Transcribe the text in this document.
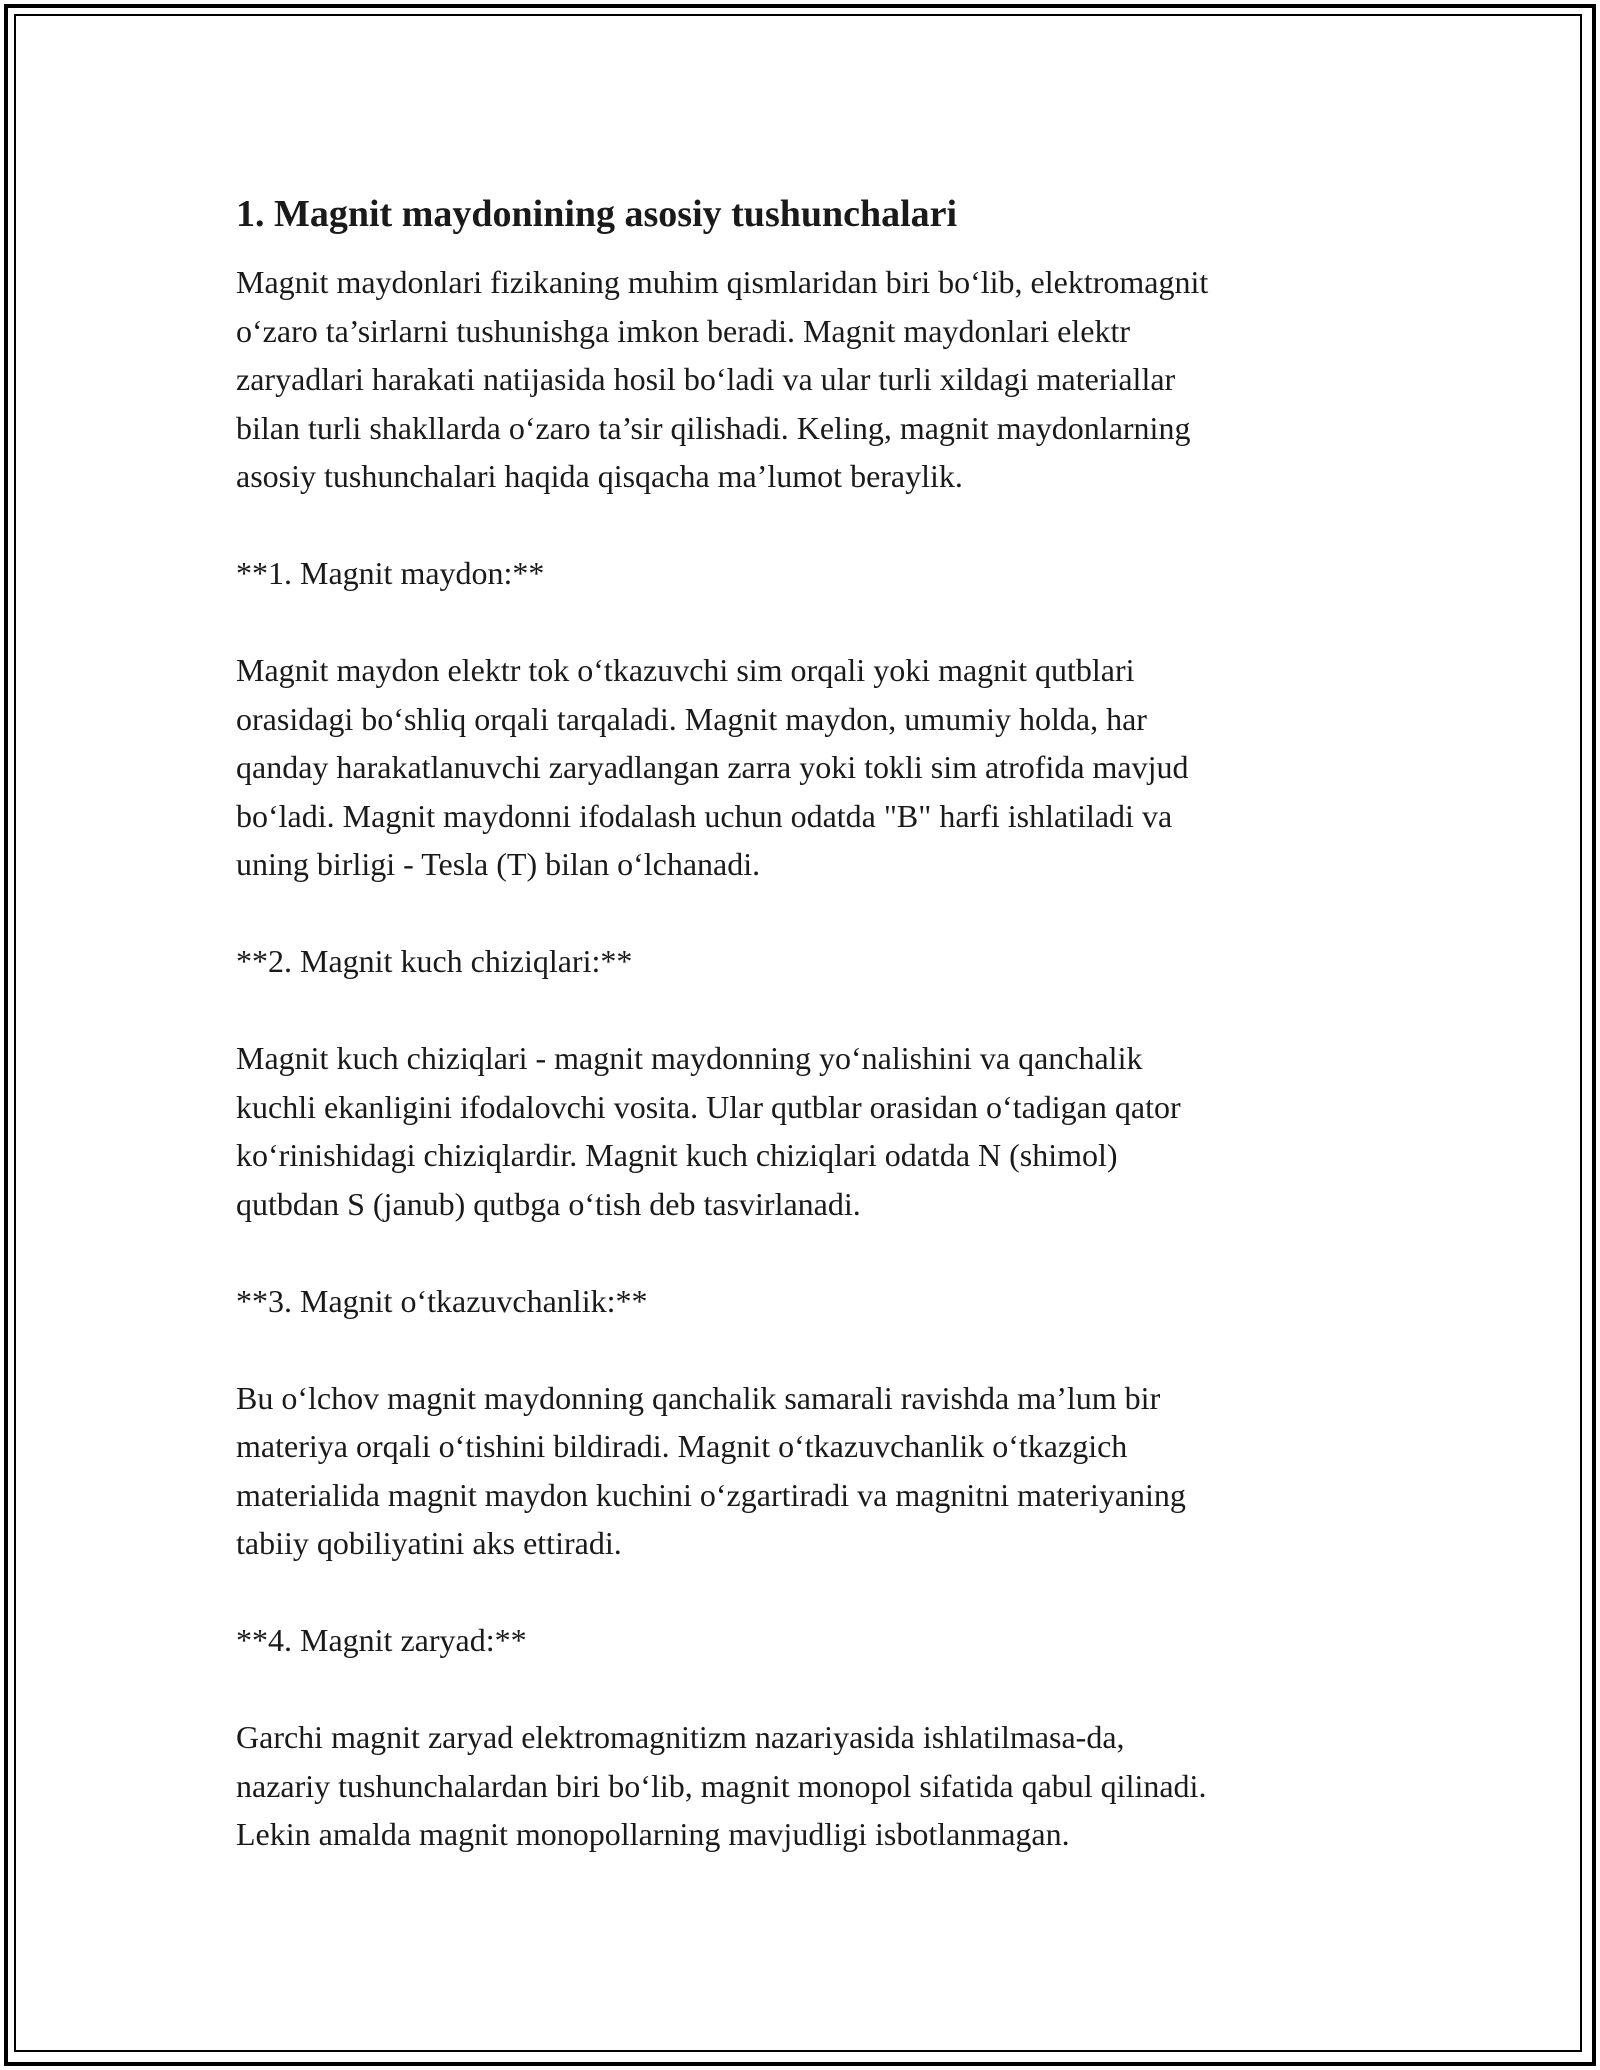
1. Magnit maydonining asosiy tushunchalari

Magnit maydonlari fizikaning muhim qismlaridan biri bo‘lib, elektromagnit
o‘zaro ta’sirlarni tushunishga imkon beradi. Magnit maydonlari elektr
zaryadlari harakati natijasida hosil bo‘ladi va ular turli xildagi materiallar
bilan turli shakllarda o‘zaro ta’sir qilishadi. Keling, magnit maydonlarning
asosiy tushunchalari haqida qisqacha ma’lumot beraylik.

**1. Magnit maydon:**

Magnit maydon elektr tok o‘tkazuvchi sim orqali yoki magnit qutblari
orasidagi bo‘shliq orqali tarqaladi. Magnit maydon, umumiy holda, har
qanday harakatlanuvchi zaryadlangan zarra yoki tokli sim atrofida mavjud
bo‘ladi. Magnit maydonni ifodalash uchun odatda "B" harfi ishlatiladi va
uning birligi - Tesla (T) bilan o‘lchanadi.

**2. Magnit kuch chiziqlari:**

Magnit kuch chiziqlari - magnit maydonning yo‘nalishini va qanchalik
kuchli ekanligini ifodalovchi vosita. Ular qutblar orasidan o‘tadigan qator
ko‘rinishidagi chiziqlardir. Magnit kuch chiziqlari odatda N (shimol)
qutbdan S (janub) qutbga o‘tish deb tasvirlanadi.

**3. Magnit o‘tkazuvchanlik:**

Bu o‘lchov magnit maydonning qanchalik samarali ravishda ma’lum bir
materiya orqali o‘tishini bildiradi. Magnit o‘tkazuvchanlik o‘tkazgich
materialida magnit maydon kuchini o‘zgartiradi va magnitni materiyaning
tabiiy qobiliyatini aks ettiradi.

**4. Magnit zaryad:**

Garchi magnit zaryad elektromagnitizm nazariyasida ishlatilmasa-da,
nazariy tushunchalardan biri bo‘lib, magnit monopol sifatida qabul qilinadi.
Lekin amalda magnit monopollarning mavjudligi isbotlanmagan.
